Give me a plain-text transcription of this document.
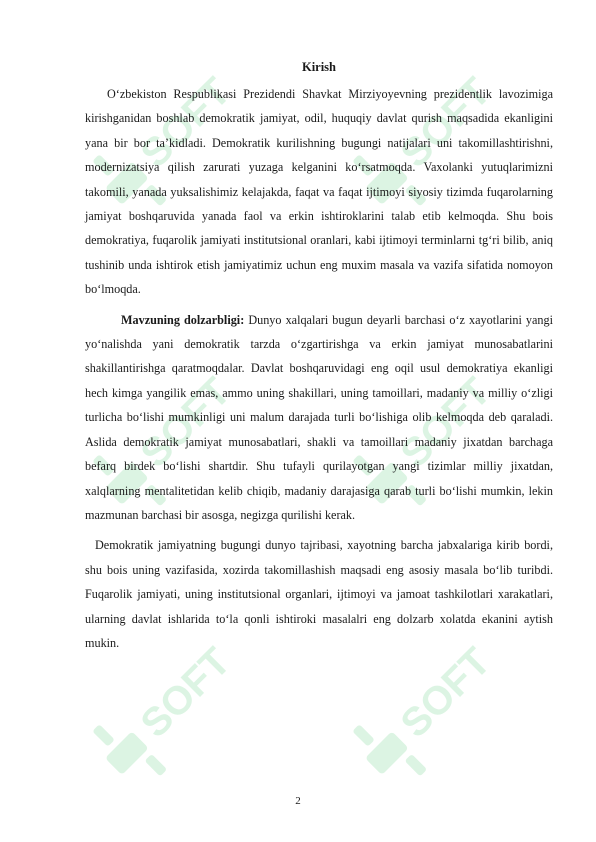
SOFT	SOFT
SOFT	SOFT
SOFT	SOFT
Kirish

O‘zbekiston Respublikasi Prezidendi Shavkat Mirziyoyevning prezidentlik lavozimiga kirishganidan boshlab demokratik jamiyat, odil, huquqiy davlat qurish maqsadida ekanligini yana bir bor ta’kidladi. Demokratik kurilishning bugungi natijalari uni takomillashtirishni, modernizatsiya qilish zarurati yuzaga kelganini ko‘rsatmoqda. Vaxolanki yutuqlarimizni takomili, yanada yuksalishimiz kelajakda, faqat va faqat ijtimoyi siyosiy tizimda fuqarolarning jamiyat boshqaruvida yanada faol va erkin ishtiroklarini talab etib kelmoqda. Shu bois demokratiya, fuqarolik jamiyati institutsional oranlari, kabi ijtimoyi terminlarni tg‘ri bilib, aniq tushinib unda ishtirok etish jamiyatimiz uchun eng muxim masala va vazifa sifatida nomoyon bo‘lmoqda.

Mavzuning dolzarbligi: Dunyo xalqalari bugun deyarli barchasi o‘z xayotlarini yangi yo‘nalishda yani demokratik tarzda o‘zgartirishga va erkin jamiyat munosabatlarini shakillantirishga qaratmoqdalar. Davlat boshqaruvidagi eng oqil usul demokratiya ekanligi hech kimga yangilik emas, ammo uning shakillari, uning tamoillari, madaniy va milliy o‘zligi turlicha bo‘lishi mumkinligi uni malum darajada turli bo‘lishiga olib kelmoqda deb qaraladi. Aslida demokratik jamiyat munosabatlari, shakli va tamoillari madaniy jixatdan barchaga befarq birdek bo‘lishi shartdir. Shu tufayli qurilayotgan yangi tizimlar milliy jixatdan, xalqlarning mentalitetidan kelib chiqib, madaniy darajasiga qarab turli bo‘lishi mumkin, lekin mazmunan barchasi bir asosga, negizga qurilishi kerak.

Demokratik jamiyatning bugungi dunyo tajribasi, xayotning barcha jabxalariga kirib bordi, shu bois uning vazifasida, xozirda takomillashish maqsadi eng asosiy masala bo‘lib turibdi. Fuqarolik jamiyati, uning institutsional organlari, ijtimoyi va jamoat tashkilotlari xarakatlari, ularning davlat ishlarida to‘la qonli ishtiroki masalalri eng dolzarb xolatda ekanini aytish mukin.

2
